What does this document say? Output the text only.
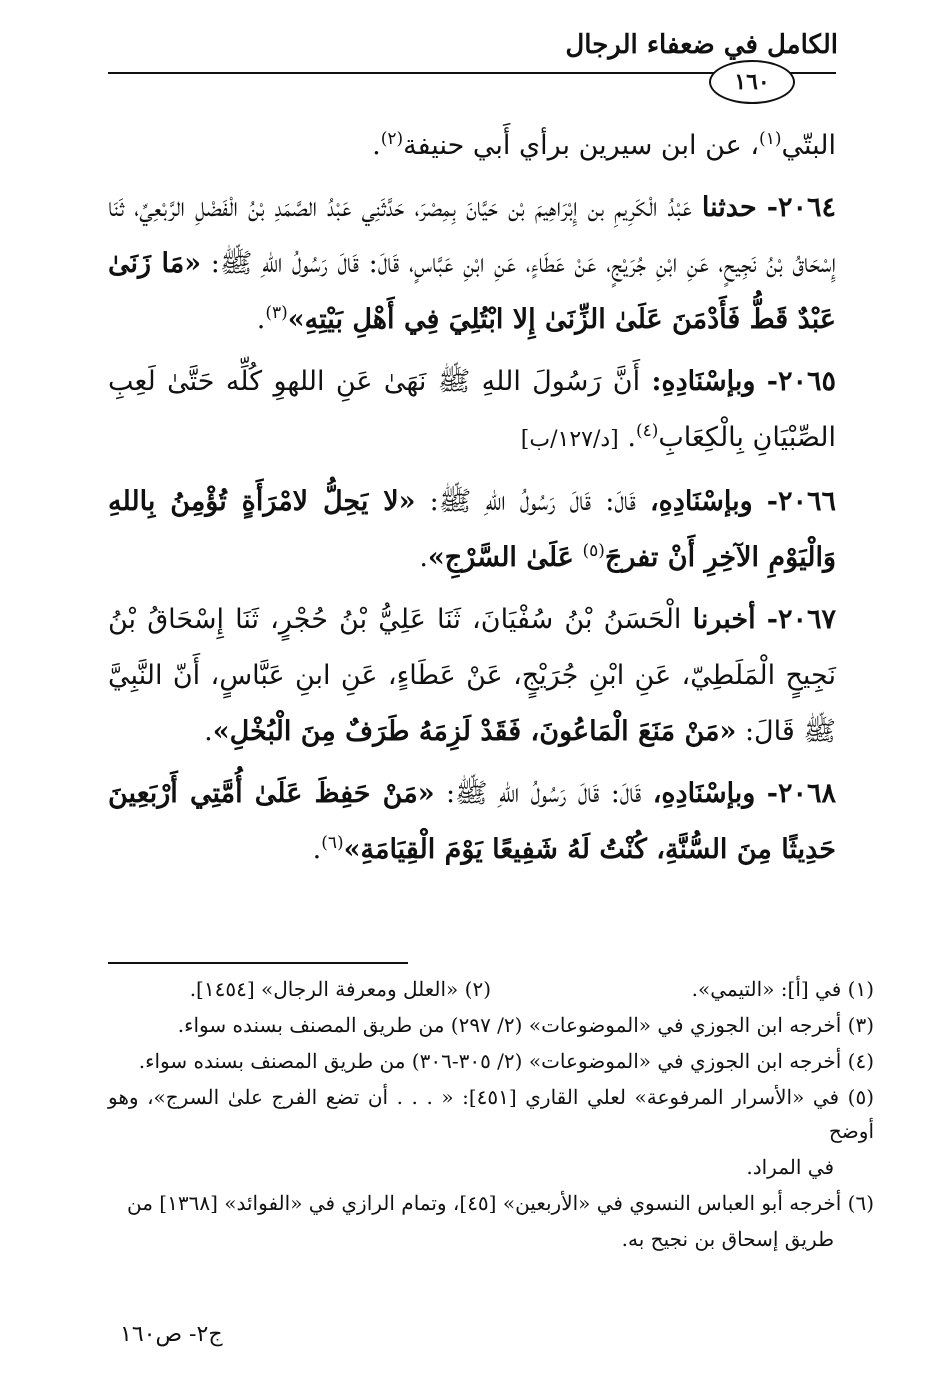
الكامل في ضعفاء الرجال
١٦٠

البتّي$^{(١)}$، عن ابن سيرين برأي أَبي حنيفة$^{(٢)}$.

٢٠٦٤- حدثنا عَبْدُ الْكَرِيمِ بن إِبْرَاهِيمَ بْن حَيَّانَ بِمِصْرَ، حَدَّثَنِي عَبْدُ الصَّمَدِ بْنُ الْفَضْلِ الرَّبْعِيِّ، ثَنَا إِسْحَاقُ بْنُ نَجِيحٍ، عَنِ ابْنِ جُرَيْجٍ، عَنْ عَطَاءٍ، عَنِ ابْنِ عَبَّاسٍ، قَالَ: قَالَ رَسُولُ اللهِ ﷺ: «مَا زَنَىٰ عَبْدٌ قَطُّ فَأَدْمَنَ عَلَىٰ الزِّنَىٰ إِلا ابْتُلِيَ فِي أَهْلِ بَيْتِهِ»$^{(٣)}$.

٢٠٦٥- وبإسْنَادِهِ: أَنَّ رَسُولَ اللهِ ﷺ نَهَىٰ عَنِ اللهوِ كُلِّه حَتَّىٰ لَعِبِ الصِّبْيَانِ بِالْكِعَابِ$^{(٤)}$. [د/١٢٧/ب]

٢٠٦٦- وبإسْنَادِهِ، قَالَ: قَالَ رَسُولُ اللهِ ﷺ: «لا يَحِلُّ لامْرَأَةٍ تُؤْمِنُ بِاللهِ وَالْيَوْمِ الآخِرِ أَنْ تفرجَ$^{(٥)}$ عَلَىٰ السَّرْجِ».

٢٠٦٧- أخبرنا الْحَسَنُ بْنُ سُفْيَانَ، ثَنَا عَلِيُّ بْنُ حُجْرٍ، ثَنَا إِسْحَاقُ بْنُ نَجِيحٍ الْمَلَطِيّ، عَنِ ابْنِ جُرَيْجٍ، عَنْ عَطَاءٍ، عَنِ ابنِ عَبَّاسٍ، أَنّ النَّبِيَّ ﷺ قَالَ: «مَنْ مَنَعَ الْمَاعُونَ، فَقَدْ لَزِمَهُ طَرَفٌ مِنَ الْبُخْلِ».

٢٠٦٨- وبإسْنَادِهِ، قَالَ: قَالَ رَسُولُ اللهِ ﷺ: «مَنْ حَفِظَ عَلَىٰ أُمَّتِي أَرْبَعِينَ حَدِيثًا مِنَ السُّنَّةِ، كُنْتُ لَهُ شَفِيعًا يَوْمَ الْقِيَامَةِ»$^{(٦)}$.

(١) في [أ]: «التيمي».
(٢) «العلل ومعرفة الرجال» [١٤٥٤].
(٣) أخرجه ابن الجوزي في «الموضوعات» (٢/ ٢٩٧) من طريق المصنف بسنده سواء.
(٤) أخرجه ابن الجوزي في «الموضوعات» (٢/ ٣٠٥-٣٠٦) من طريق المصنف بسنده سواء.
(٥) في «الأسرار المرفوعة» لعلي القاري [٤٥١]: « . . . أن تضع الفرج علىٰ السرج»، وهو أوضح
في المراد.
(٦) أخرجه أبو العباس النسوي في «الأربعين» [٤٥]، وتمام الرازي في «الفوائد» [١٣٦٨] من
طريق إسحاق بن نجيح به.
ج٢- ص١٦٠
